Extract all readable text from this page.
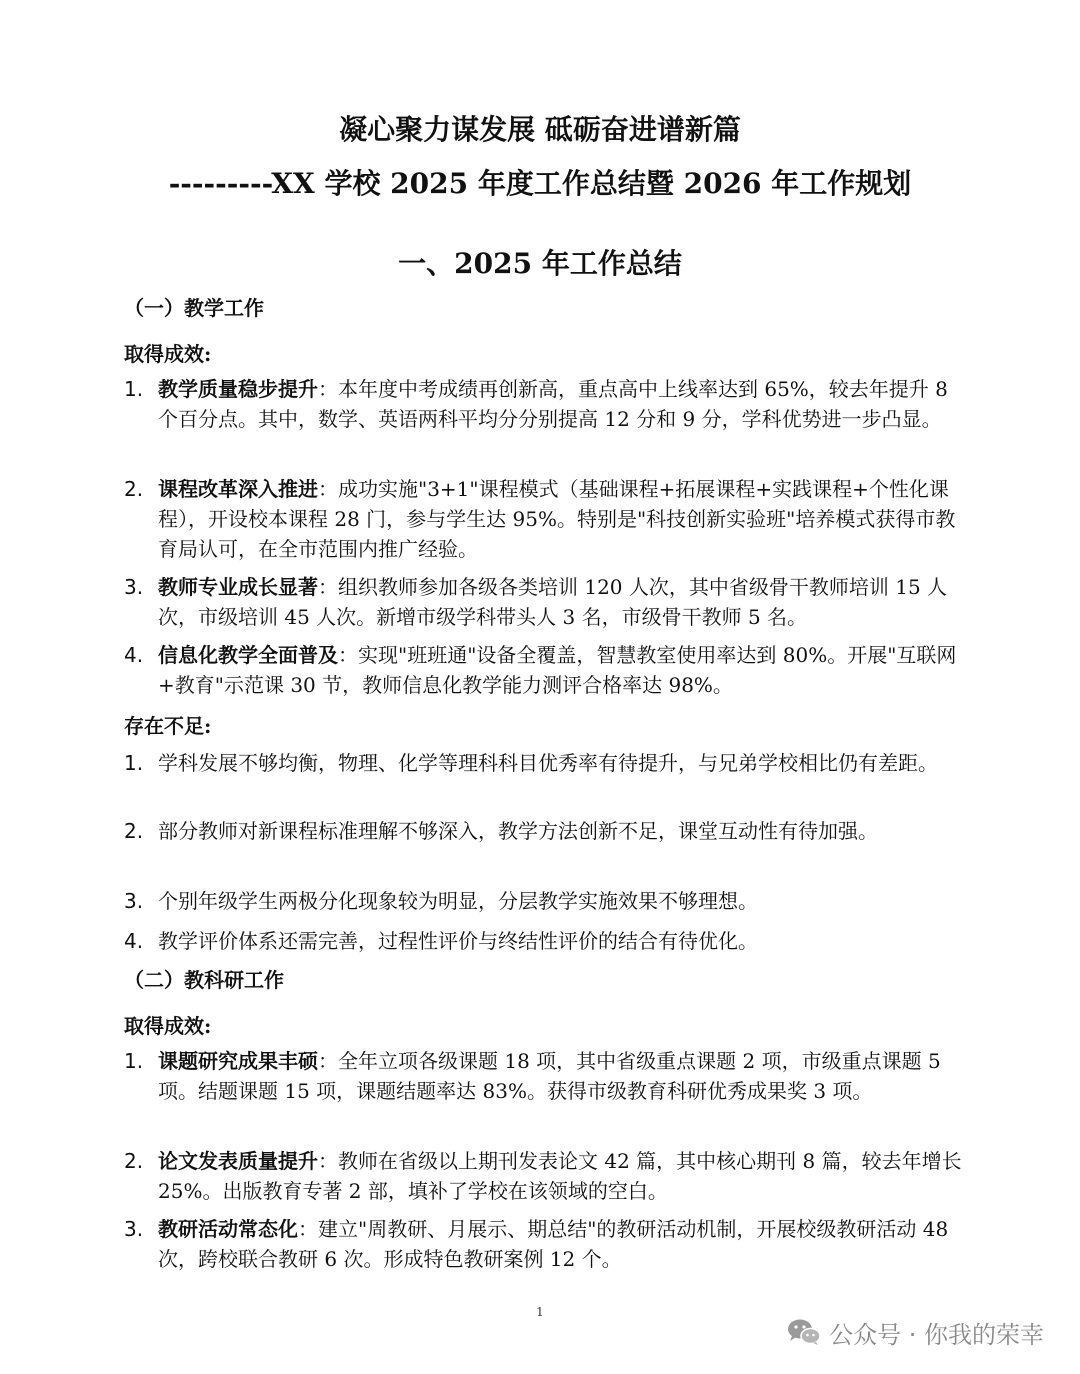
凝心聚力谋发展 砥砺奋进谱新篇
---------XX 学校 2025 年度工作总结暨 2026 年工作规划
一、2025 年工作总结
（一）教学工作
取得成效:
1. 教学质量稳步提升：本年度中考成绩再创新高，重点高中上线率达到 65%，较去年提升 8 个百分点。其中，数学、英语两科平均分分别提高 12 分和 9 分，学科优势进一步凸显。
2. 课程改革深入推进：成功实施"3+1"课程模式（基础课程+拓展课程+实践课程+个性化课程），开设校本课程 28 门，参与学生达 95%。特别是"科技创新实验班"培养模式获得市教育局认可，在全市范围内推广经验。
3. 教师专业成长显著：组织教师参加各级各类培训 120 人次，其中省级骨干教师培训 15 人次，市级培训 45 人次。新增市级学科带头人 3 名，市级骨干教师 5 名。
4. 信息化教学全面普及：实现"班班通"设备全覆盖，智慧教室使用率达到 80%。开展"互联网+教育"示范课 30 节，教师信息化教学能力测评合格率达 98%。
存在不足:
1. 学科发展不够均衡，物理、化学等理科科目优秀率有待提升，与兄弟学校相比仍有差距。
2. 部分教师对新课程标准理解不够深入，教学方法创新不足，课堂互动性有待加强。
3. 个别年级学生两极分化现象较为明显，分层教学实施效果不够理想。
4. 教学评价体系还需完善，过程性评价与终结性评价的结合有待优化。
（二）教科研工作
取得成效:
1. 课题研究成果丰硕：全年立项各级课题 18 项，其中省级重点课题 2 项，市级重点课题 5 项。结题课题 15 项，课题结题率达 83%。获得市级教育科研优秀成果奖 3 项。
2. 论文发表质量提升：教师在省级以上期刊发表论文 42 篇，其中核心期刊 8 篇，较去年增长 25%。出版教育专著 2 部，填补了学校在该领域的空白。
3. 教研活动常态化：建立"周教研、月展示、期总结"的教研活动机制，开展校级教研活动 48 次，跨校联合教研 6 次。形成特色教研案例 12 个。
1
公众号 · 你我的荣幸
